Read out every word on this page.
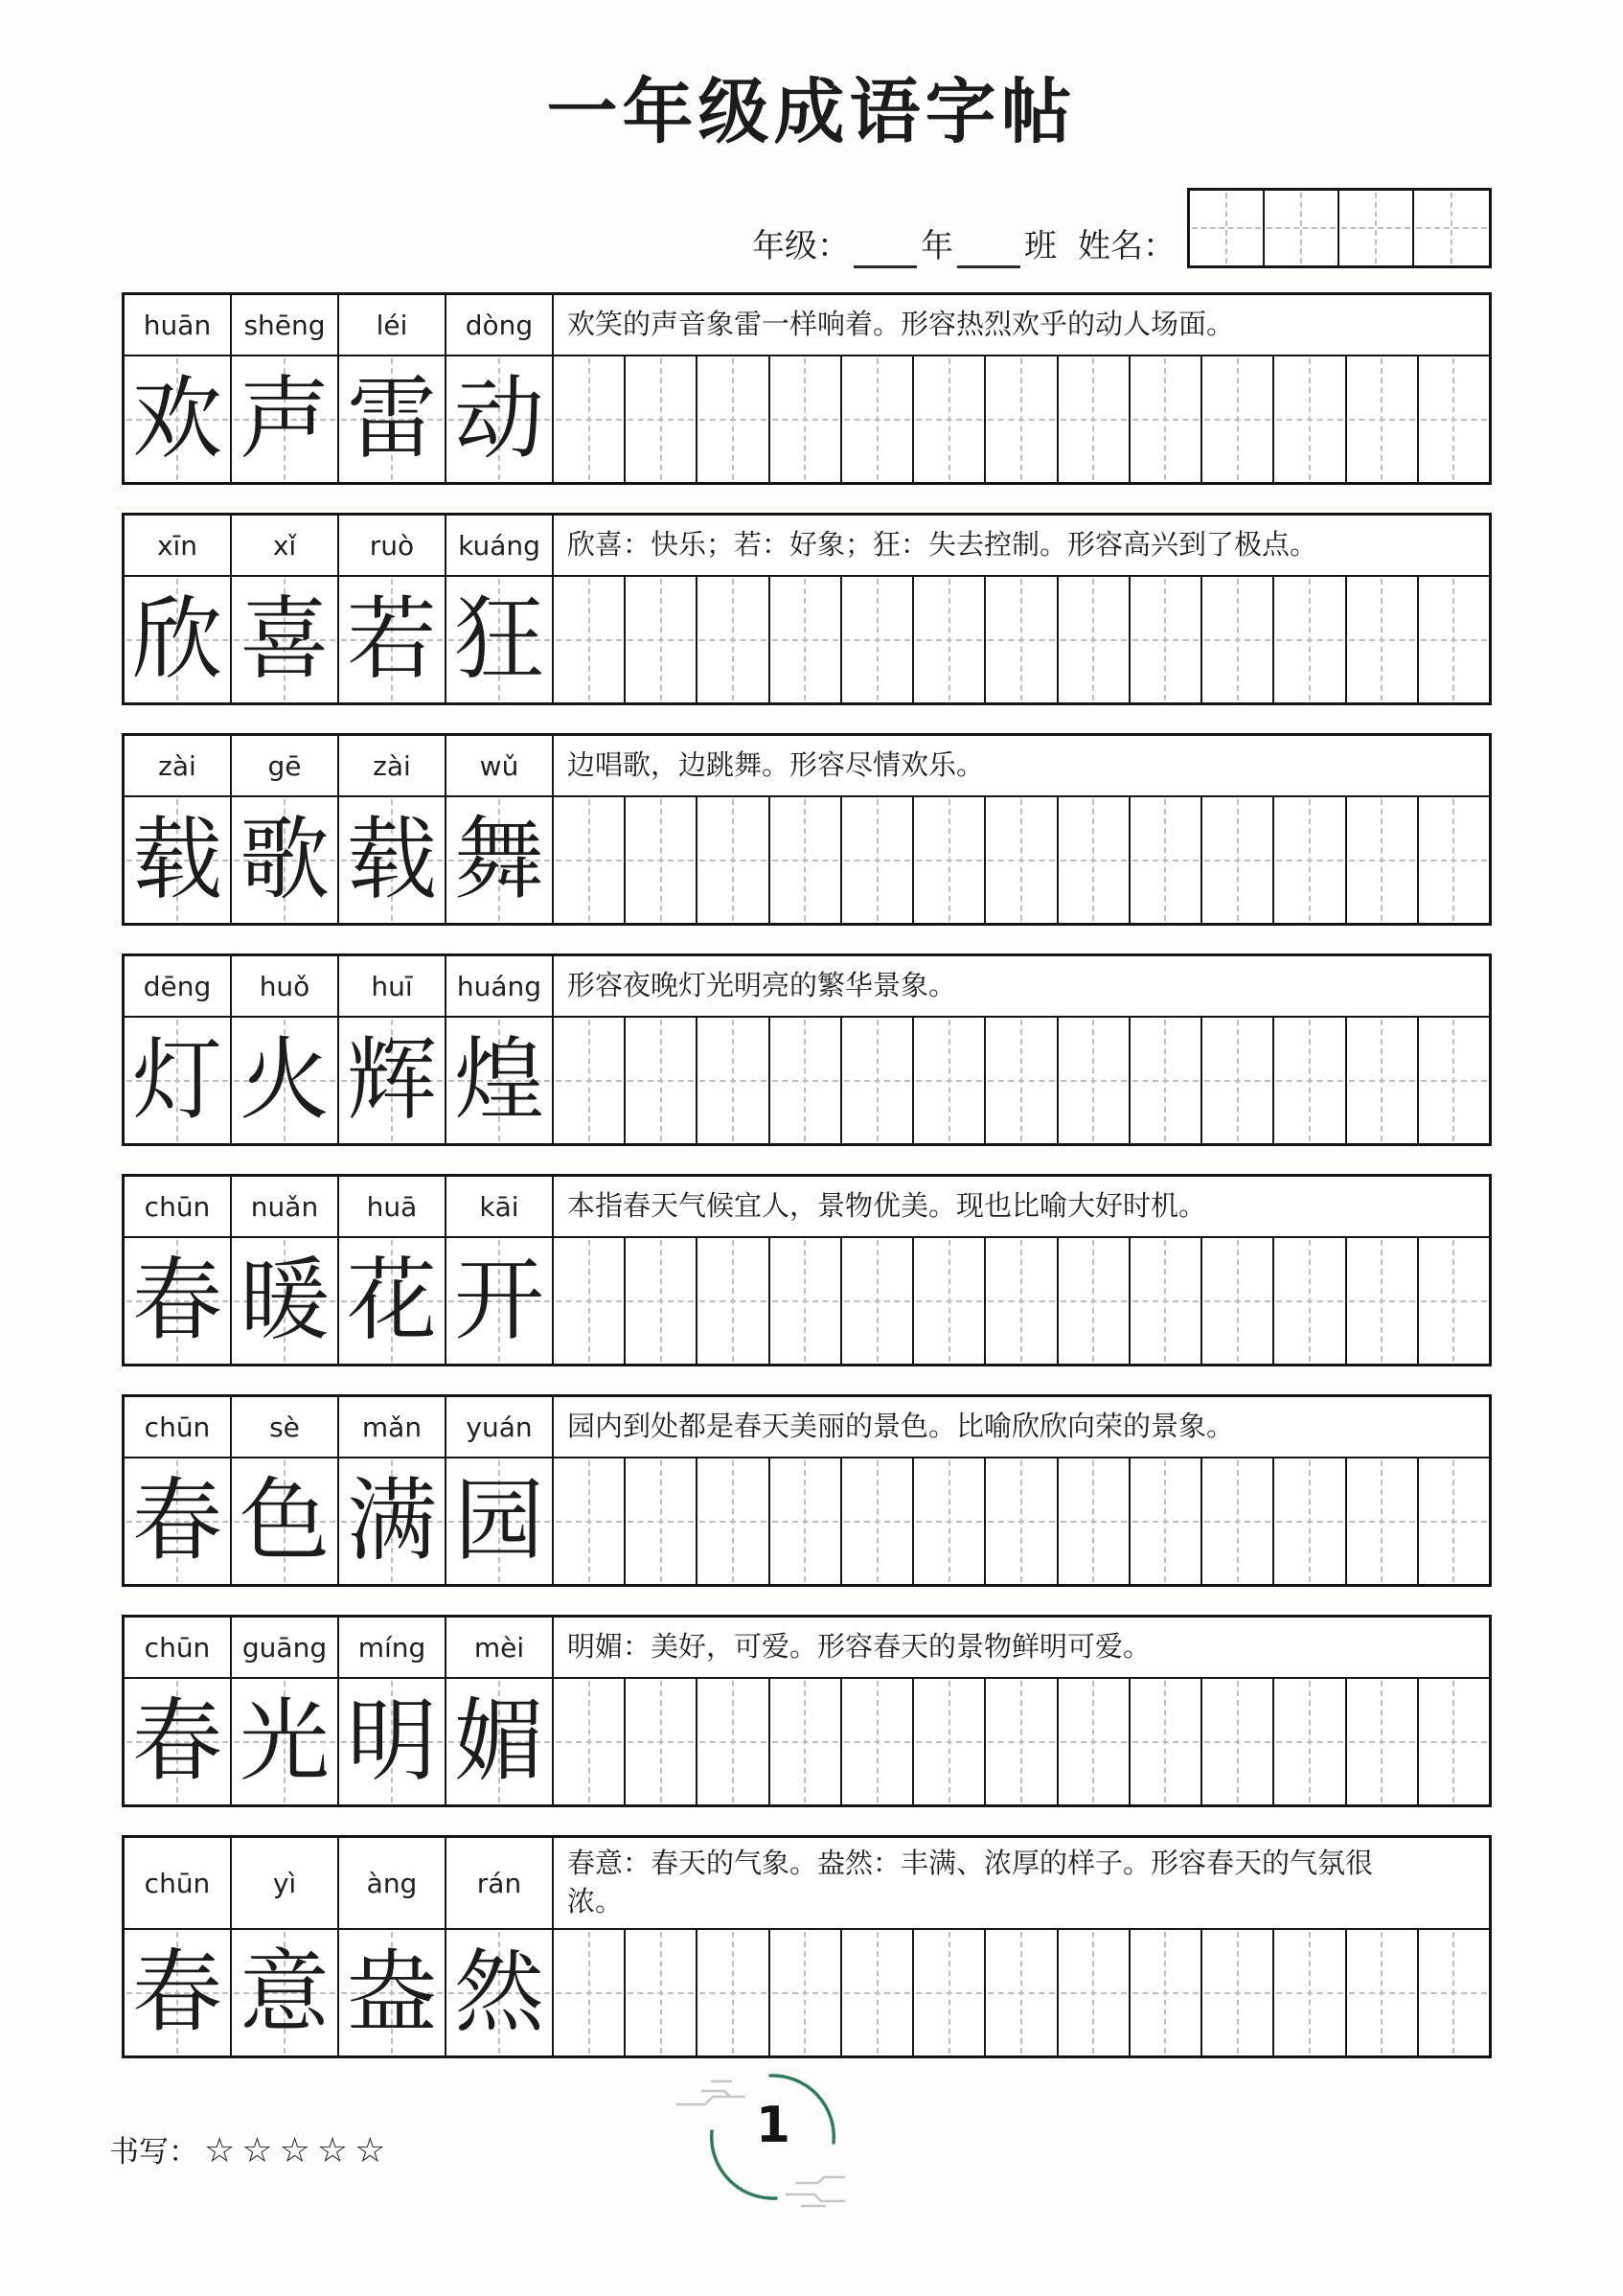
一年级成语字帖
年级： 年 班 姓名：
huān	shēng	léi	dòng	欢笑的声音象雷一样响着。形容热烈欢乎的动人场面。
欢 声 雷 动
xīn	xǐ	ruò	kuáng 欣喜：快乐；若：好象；狂：失去控制。形容高兴到了极点。
欣 喜 若 狂
zài	gē	zài	wǔ	边唱歌，边跳舞。形容尽情欢乐。
载 歌 载 舞
dēng	huǒ	huī	huáng 形容夜晚灯光明亮的繁华景象。
灯 火 辉 煌
chūn	nuǎn	huā	kāi	本指春天气候宜人，景物优美。现也比喻大好时机。
春 暖 花 开
chūn	sè	mǎn	yuán	园内到处都是春天美丽的景色。比喻欣欣向荣的景象。
春 色 满 园
chūn	guāng	míng	mèi	明媚：美好，可爱。形容春天的景物鲜明可爱。
春 光 明 媚
chūn	yì	àng	rán
春意：春天的气象。盎然：丰满、浓厚的样子。形容春天的气氛很浓。
春 意 盎 然
书写： ☆☆☆☆☆	1
